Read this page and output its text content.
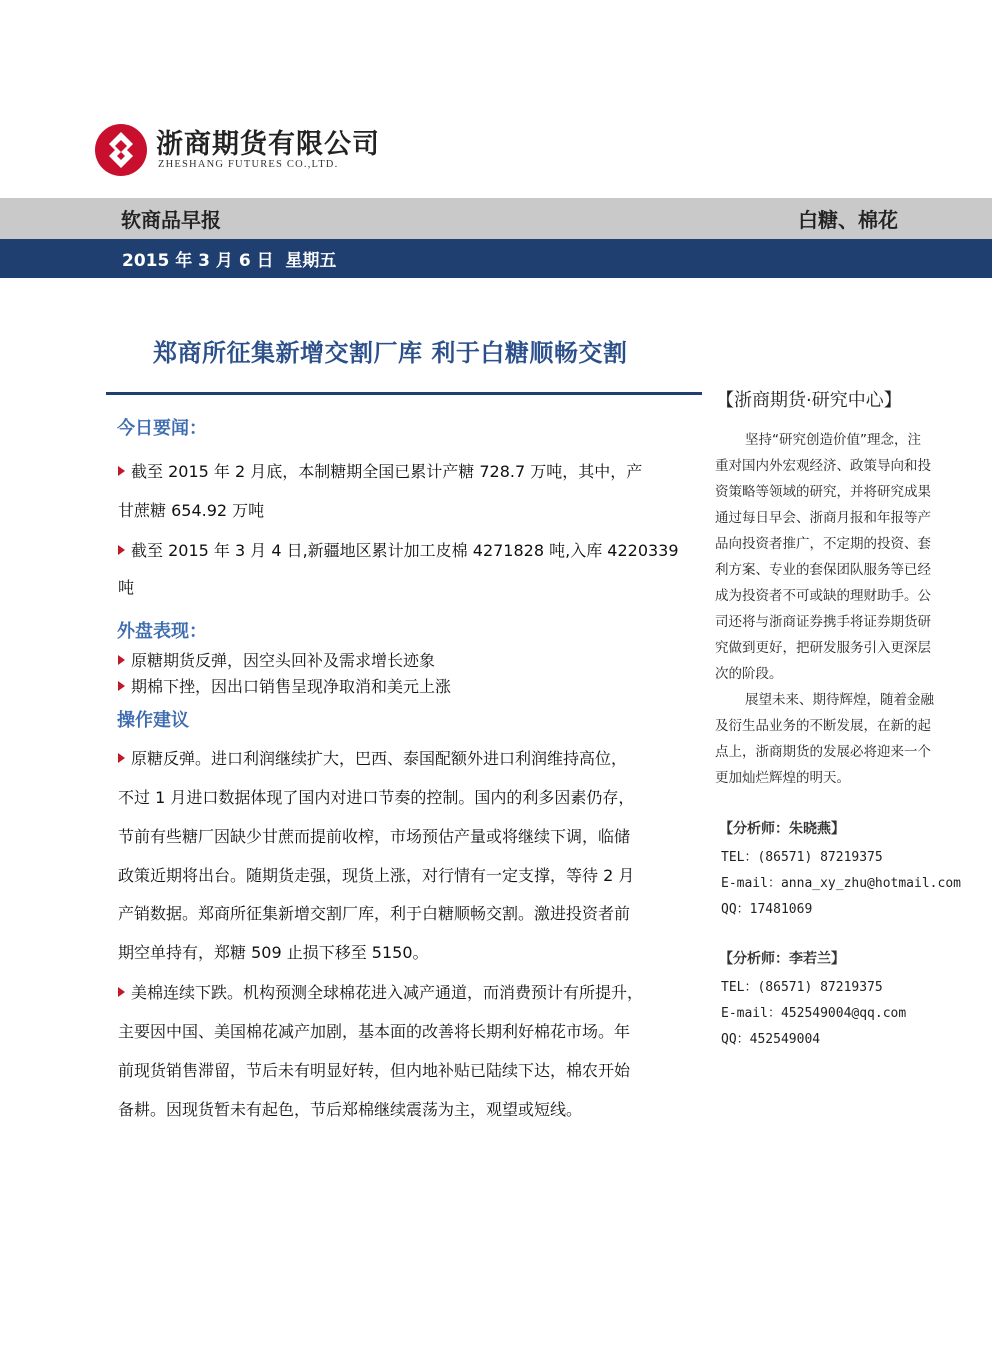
浙商期货有限公司
ZHESHANG FUTURES CO.,LTD.
软商品早报	白糖、棉花
2015 年 3 月 6 日  星期五
郑商所征集新增交割厂库 利于白糖顺畅交割
今日要闻：
截至 2015 年 2 月底，本制糖期全国已累计产糖 728.7 万吨，其中，产
甘蔗糖 654.92 万吨
截至 2015 年 3 月 4 日,新疆地区累计加工皮棉 4271828 吨,入库 4220339
吨
外盘表现：
原糖期货反弹，因空头回补及需求增长迹象
期棉下挫，因出口销售呈现净取消和美元上涨
操作建议
原糖反弹。进口利润继续扩大，巴西、泰国配额外进口利润维持高位，
不过 1 月进口数据体现了国内对进口节奏的控制。国内的利多因素仍存，
节前有些糖厂因缺少甘蔗而提前收榨，市场预估产量或将继续下调，临储
政策近期将出台。随期货走强，现货上涨，对行情有一定支撑，等待 2 月
产销数据。郑商所征集新增交割厂库，利于白糖顺畅交割。激进投资者前
期空单持有，郑糖 509 止损下移至 5150。
美棉连续下跌。机构预测全球棉花进入减产通道，而消费预计有所提升，
主要因中国、美国棉花减产加剧，基本面的改善将长期利好棉花市场。年
前现货销售滞留，节后未有明显好转，但内地补贴已陆续下达，棉农开始
备耕。因现货暂未有起色，节后郑棉继续震荡为主，观望或短线。
【浙商期货·研究中心】
坚持“研究创造价值”理念，注
重对国内外宏观经济、政策导向和投
资策略等领域的研究，并将研究成果
通过每日早会、浙商月报和年报等产
品向投资者推广，不定期的投资、套
利方案、专业的套保团队服务等已经
成为投资者不可或缺的理财助手。公
司还将与浙商证券携手将证券期货研
究做到更好，把研发服务引入更深层
次的阶段。
展望未来、期待辉煌，随着金融
及衍生品业务的不断发展，在新的起
点上，浙商期货的发展必将迎来一个
更加灿烂辉煌的明天。
【分析师：朱晓燕】
TEL：(86571) 87219375
E-mail：anna_xy_zhu@hotmail.com
QQ：17481069
【分析师：李若兰】
TEL：(86571) 87219375
E-mail：452549004@qq.com
QQ：452549004
